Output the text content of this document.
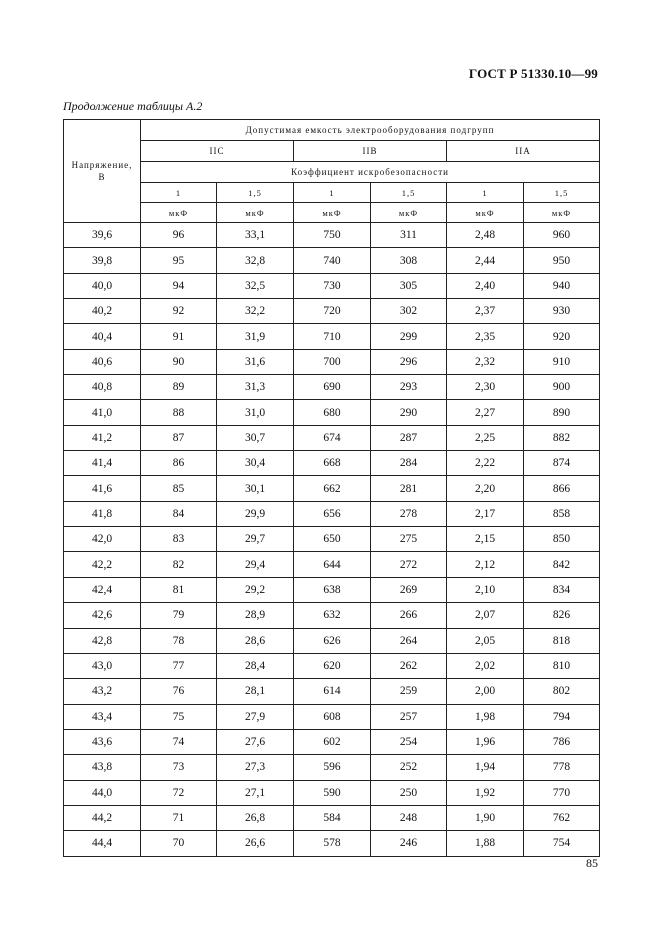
ГОСТ Р 51330.10—99
Продолжение таблицы А.2
Напряжение,
В	Допустимая емкость электрооборудования подгрупп					
	IIС		IIВ		IIА	
	Коэффициент искробезопасности					
	1	1,5	1	1,5	1	1,5
	мкФ	мкФ	мкФ	мкФ	мкФ	мкФ
39,6	96	33,1	750	311	2,48	960
39,8	95	32,8	740	308	2,44	950
40,0	94	32,5	730	305	2,40	940
40,2	92	32,2	720	302	2,37	930
40,4	91	31,9	710	299	2,35	920
40,6	90	31,6	700	296	2,32	910
40,8	89	31,3	690	293	2,30	900
41,0	88	31,0	680	290	2,27	890
41,2	87	30,7	674	287	2,25	882
41,4	86	30,4	668	284	2,22	874
41,6	85	30,1	662	281	2,20	866
41,8	84	29,9	656	278	2,17	858
42,0	83	29,7	650	275	2,15	850
42,2	82	29,4	644	272	2,12	842
42,4	81	29,2	638	269	2,10	834
42,6	79	28,9	632	266	2,07	826
42,8	78	28,6	626	264	2,05	818
43,0	77	28,4	620	262	2,02	810
43,2	76	28,1	614	259	2,00	802
43,4	75	27,9	608	257	1,98	794
43,6	74	27,6	602	254	1,96	786
43,8	73	27,3	596	252	1,94	778
44,0	72	27,1	590	250	1,92	770
44,2	71	26,8	584	248	1,90	762
44,4	70	26,6	578	246	1,88	754
85
